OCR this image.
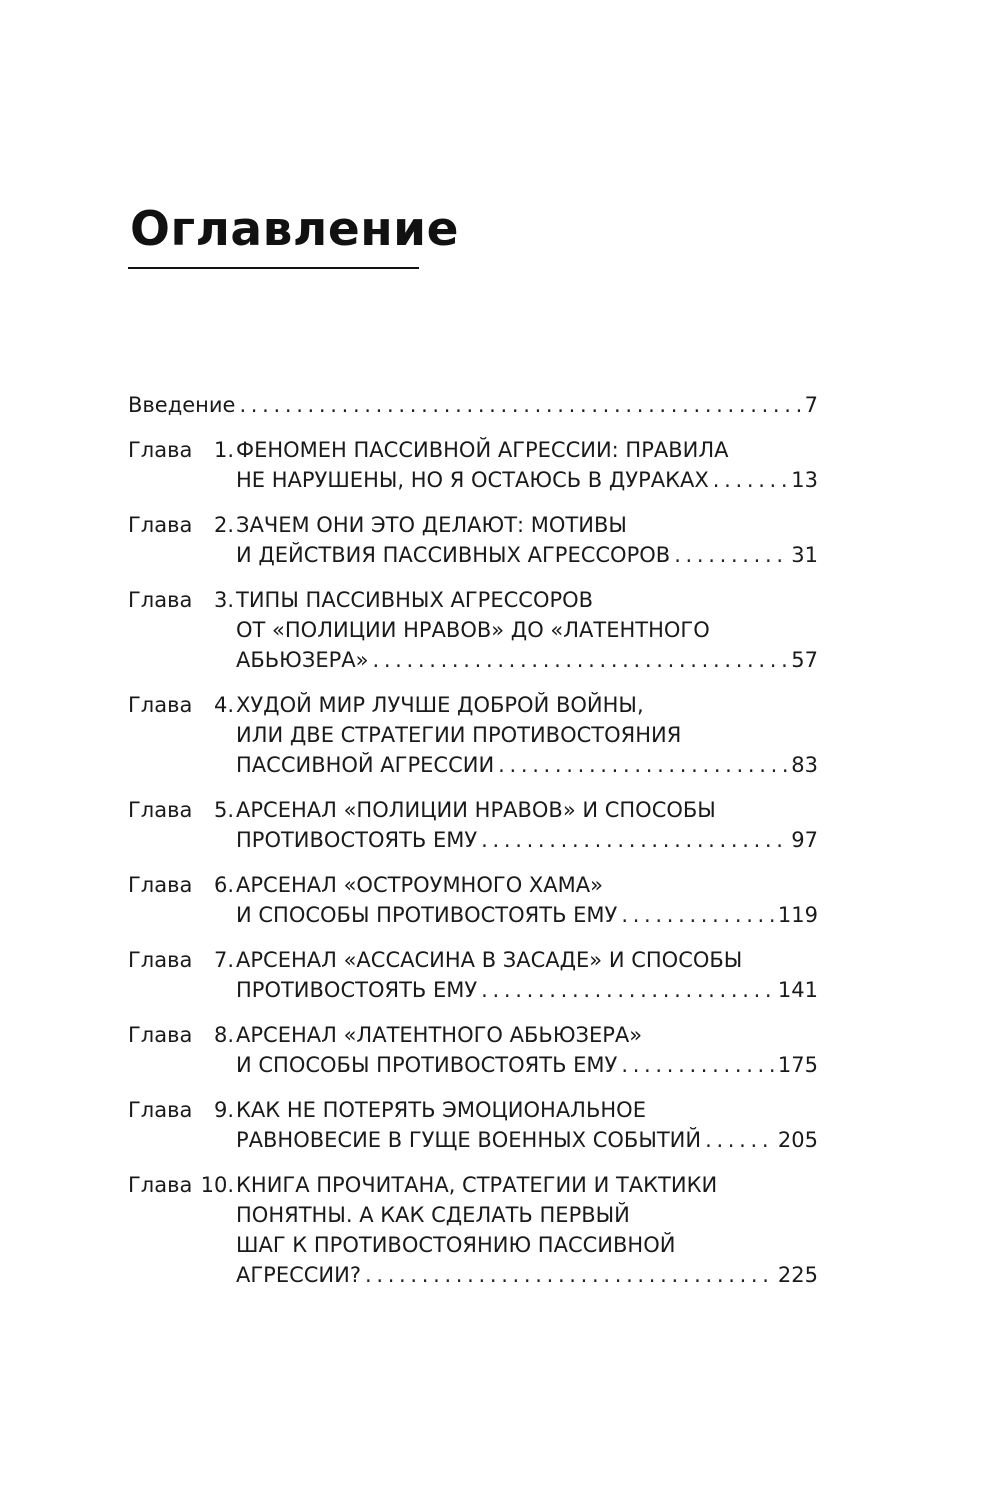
Оглавление
Введение . . .	7
Глава	1. ФЕНОМЕН ПАССИВНОЙ АГРЕССИИ: ПРАВИЛА
НЕ НАРУШЕНЫ, НО Я ОСТАЮСЬ В ДУРАКАХ . . .	13
Глава	2. ЗАЧЕМ ОНИ ЭТО ДЕЛАЮТ: МОТИВЫ
И ДЕЙСТВИЯ ПАССИВНЫХ АГРЕССОРОВ . . .	31
Глава	3. ТИПЫ ПАССИВНЫХ АГРЕССОРОВ
ОТ «ПОЛИЦИИ НРАВОВ» ДО «ЛАТЕНТНОГО
АБЬЮЗЕРА» . . .	57
Глава	4. ХУДОЙ МИР ЛУЧШЕ ДОБРОЙ ВОЙНЫ,
ИЛИ ДВЕ СТРАТЕГИИ ПРОТИВОСТОЯНИЯ
ПАССИВНОЙ АГРЕССИИ . . .	83
Глава	5. АРСЕНАЛ «ПОЛИЦИИ НРАВОВ» И СПОСОБЫ
ПРОТИВОСТОЯТЬ ЕМУ . . .	97
Глава	6. АРСЕНАЛ «ОСТРОУМНОГО ХАМА»
И СПОСОБЫ ПРОТИВОСТОЯТЬ ЕМУ . . .	119
Глава	7. АРСЕНАЛ «АССАСИНА В ЗАСАДЕ» И СПОСОБЫ
ПРОТИВОСТОЯТЬ ЕМУ . . .	141
Глава	8. АРСЕНАЛ «ЛАТЕНТНОГО АБЬЮЗЕРА»
И СПОСОБЫ ПРОТИВОСТОЯТЬ ЕМУ . . .	175
Глава	9. КАК НЕ ПОТЕРЯТЬ ЭМОЦИОНАЛЬНОЕ
РАВНОВЕСИЕ В ГУЩЕ ВОЕННЫХ СОБЫТИЙ . . .	205
Глава 10. КНИГА ПРОЧИТАНА, СТРАТЕГИИ И ТАКТИКИ
ПОНЯТНЫ. А КАК СДЕЛАТЬ ПЕРВЫЙ
ШАГ К ПРОТИВОСТОЯНИЮ ПАССИВНОЙ
АГРЕССИИ? . . .	225
